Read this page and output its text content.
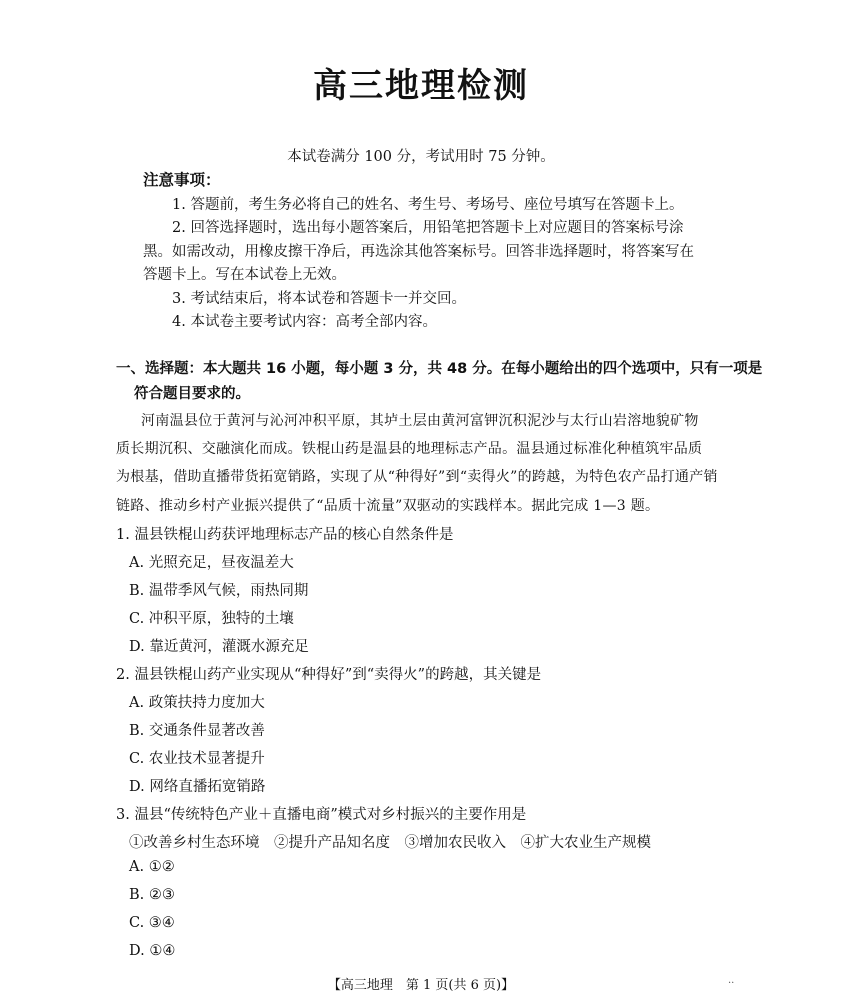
高三地理检测
本试卷满分 100 分，考试用时 75 分钟。
注意事项：
1. 答题前，考生务必将自己的姓名、考生号、考场号、座位号填写在答题卡上。
2. 回答选择题时，选出每小题答案后，用铅笔把答题卡上对应题目的答案标号涂
黑。如需改动，用橡皮擦干净后，再选涂其他答案标号。回答非选择题时，将答案写在
答题卡上。写在本试卷上无效。
3. 考试结束后，将本试卷和答题卡一并交回。
4. 本试卷主要考试内容：高考全部内容。
一、选择题：本大题共 16 小题，每小题 3 分，共 48 分。在每小题给出的四个选项中，只有一项是
符合题目要求的。
河南温县位于黄河与沁河冲积平原，其垆土层由黄河富钾沉积泥沙与太行山岩溶地貌矿物
质长期沉积、交融演化而成。铁棍山药是温县的地理标志产品。温县通过标准化种植筑牢品质
为根基，借助直播带货拓宽销路，实现了从“种得好”到“卖得火”的跨越，为特色农产品打通产销
链路、推动乡村产业振兴提供了“品质十流量”双驱动的实践样本。据此完成 1—3 题。
1. 温县铁棍山药获评地理标志产品的核心自然条件是
A. 光照充足，昼夜温差大
B. 温带季风气候，雨热同期
C. 冲积平原，独特的土壤
D. 靠近黄河，灌溉水源充足
2. 温县铁棍山药产业实现从“种得好”到“卖得火”的跨越，其关键是
A. 政策扶持力度加大
B. 交通条件显著改善
C. 农业技术显著提升
D. 网络直播拓宽销路
3. 温县“传统特色产业＋直播电商”模式对乡村振兴的主要作用是
①改善乡村生态环境　②提升产品知名度　③增加农民收入　④扩大农业生产规模
A. ①②
B. ②③
C. ③④
D. ①④
【高三地理　第 1 页(共 6 页)】	..
